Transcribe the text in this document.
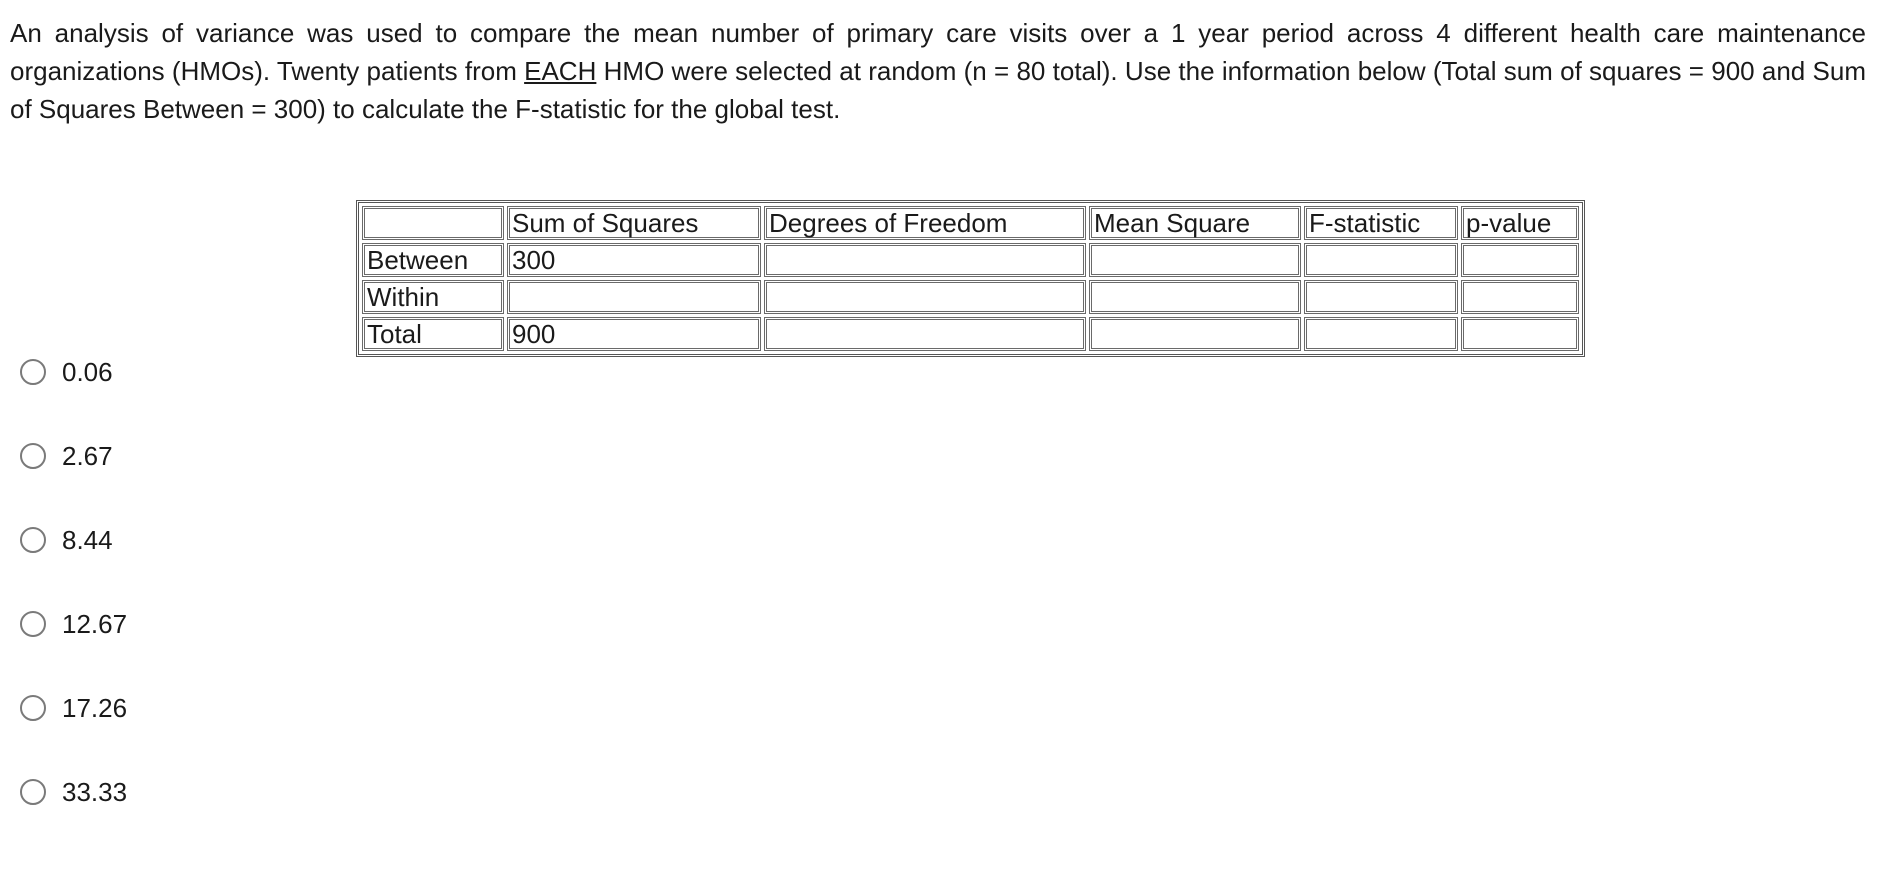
An analysis of variance was used to compare the mean number of primary care visits over a 1 year period across 4 different health care maintenance organizations (HMOs). Twenty patients from EACH HMO were selected at random (n = 80 total). Use the information below (Total sum of squares = 900 and Sum of Squares Between = 300) to calculate the F-statistic for the global test.
	Sum of Squares	Degrees of Freedom	Mean Square	F-statistic	p-value
Between	300				
Within					
Total	900				
0.06
2.67
8.44
12.67
17.26
33.33
